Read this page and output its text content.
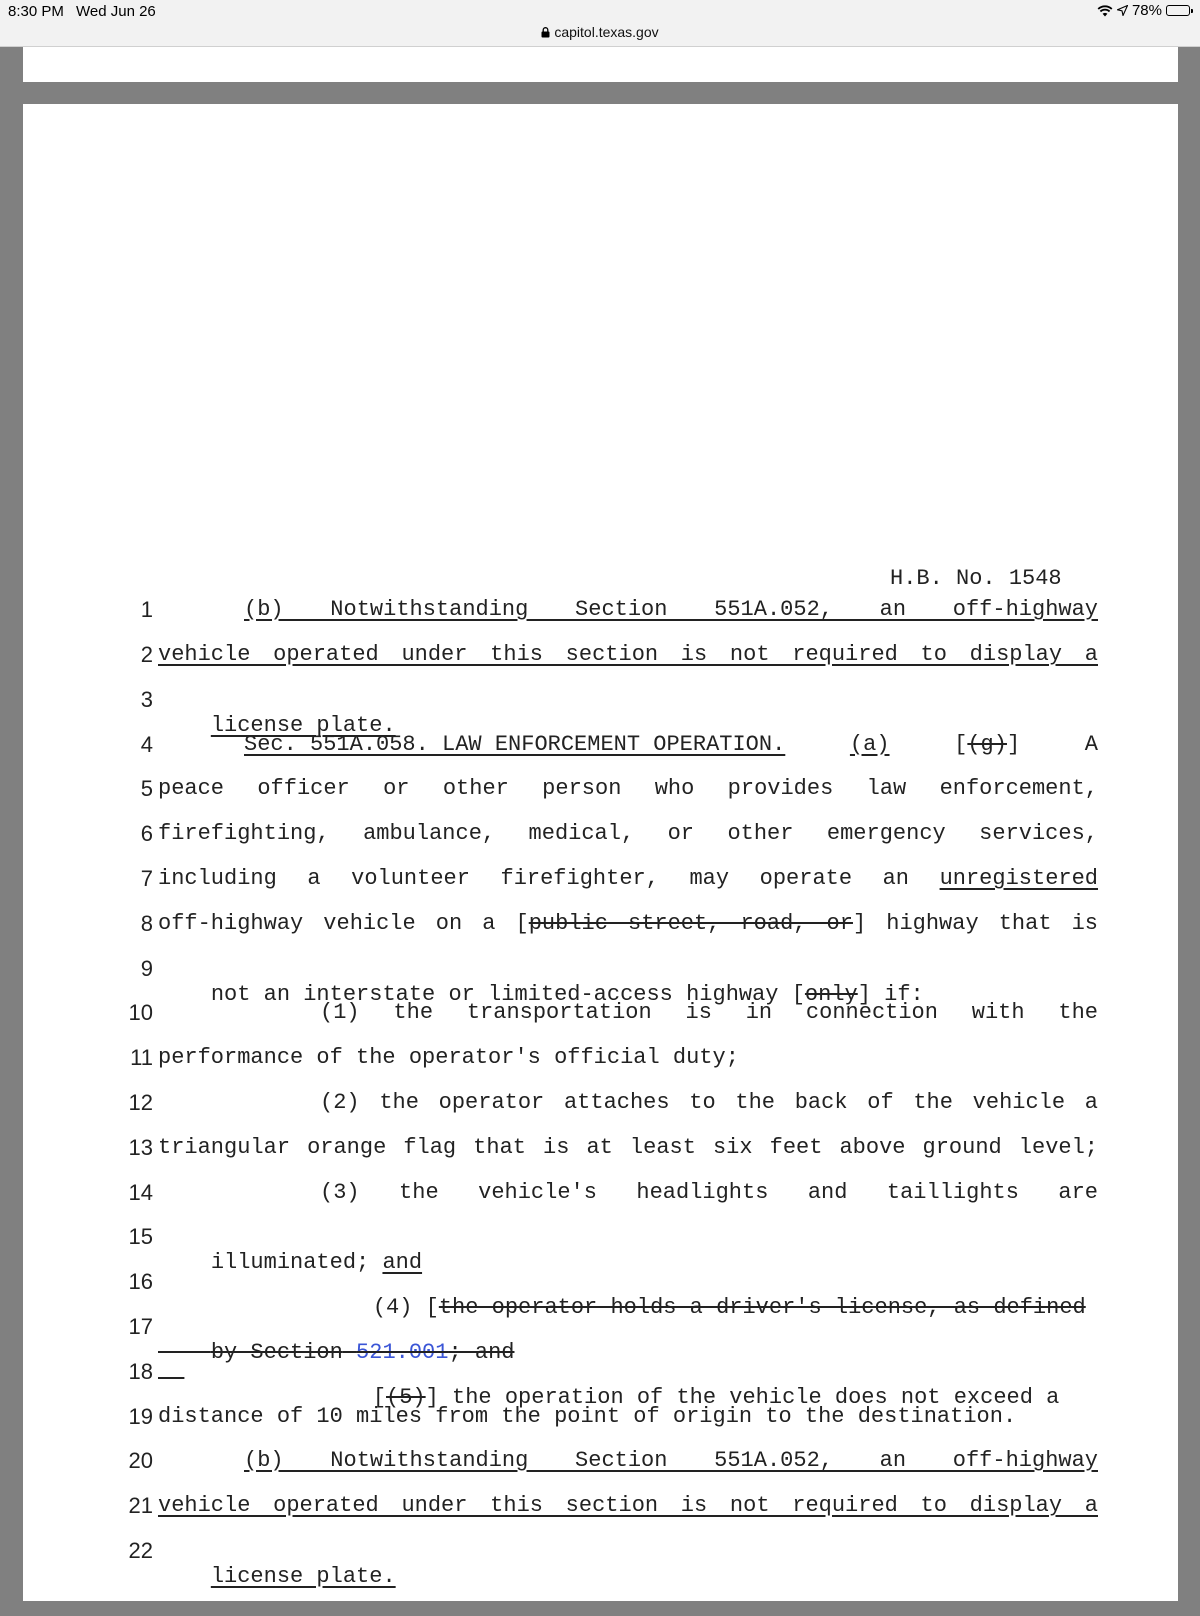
8:30 PM Wed Jun 26	78%
capitol.texas.gov
H.B. No. 1548
1
2
3
4
5
6
7
8
9
10
11
12
13
14
15
16
17
18
19
20
21
22
(b) Notwithstanding Section 551A.052, an off-highway
vehicle operated under this section is not required to display a

license plate.

Sec. 551A.058. LAW ENFORCEMENT OPERATION.	(a)	[(g)]	A
peace officer or other person who provides law enforcement,
firefighting, ambulance, medical, or other emergency services,
including a volunteer firefighter, may operate an unregistered
off-highway vehicle on a [public street, road, or] highway that is

not an interstate or limited-access highway [only] if:

(1) the transportation is in connection with the
performance of the operator's official duty;
(2) the operator attaches to the back of the vehicle a
triangular orange flag that is at least six feet above ground level;
(3) the vehicle's headlights and taillights are

illuminated; and

(4) [the operator holds a driver's license, as defined

by Section 521.001; and

[(5)] the operation of the vehicle does not exceed a

distance of 10 miles from the point of origin to the destination.
(b) Notwithstanding Section 551A.052, an off-highway
vehicle operated under this section is not required to display a

license plate.
